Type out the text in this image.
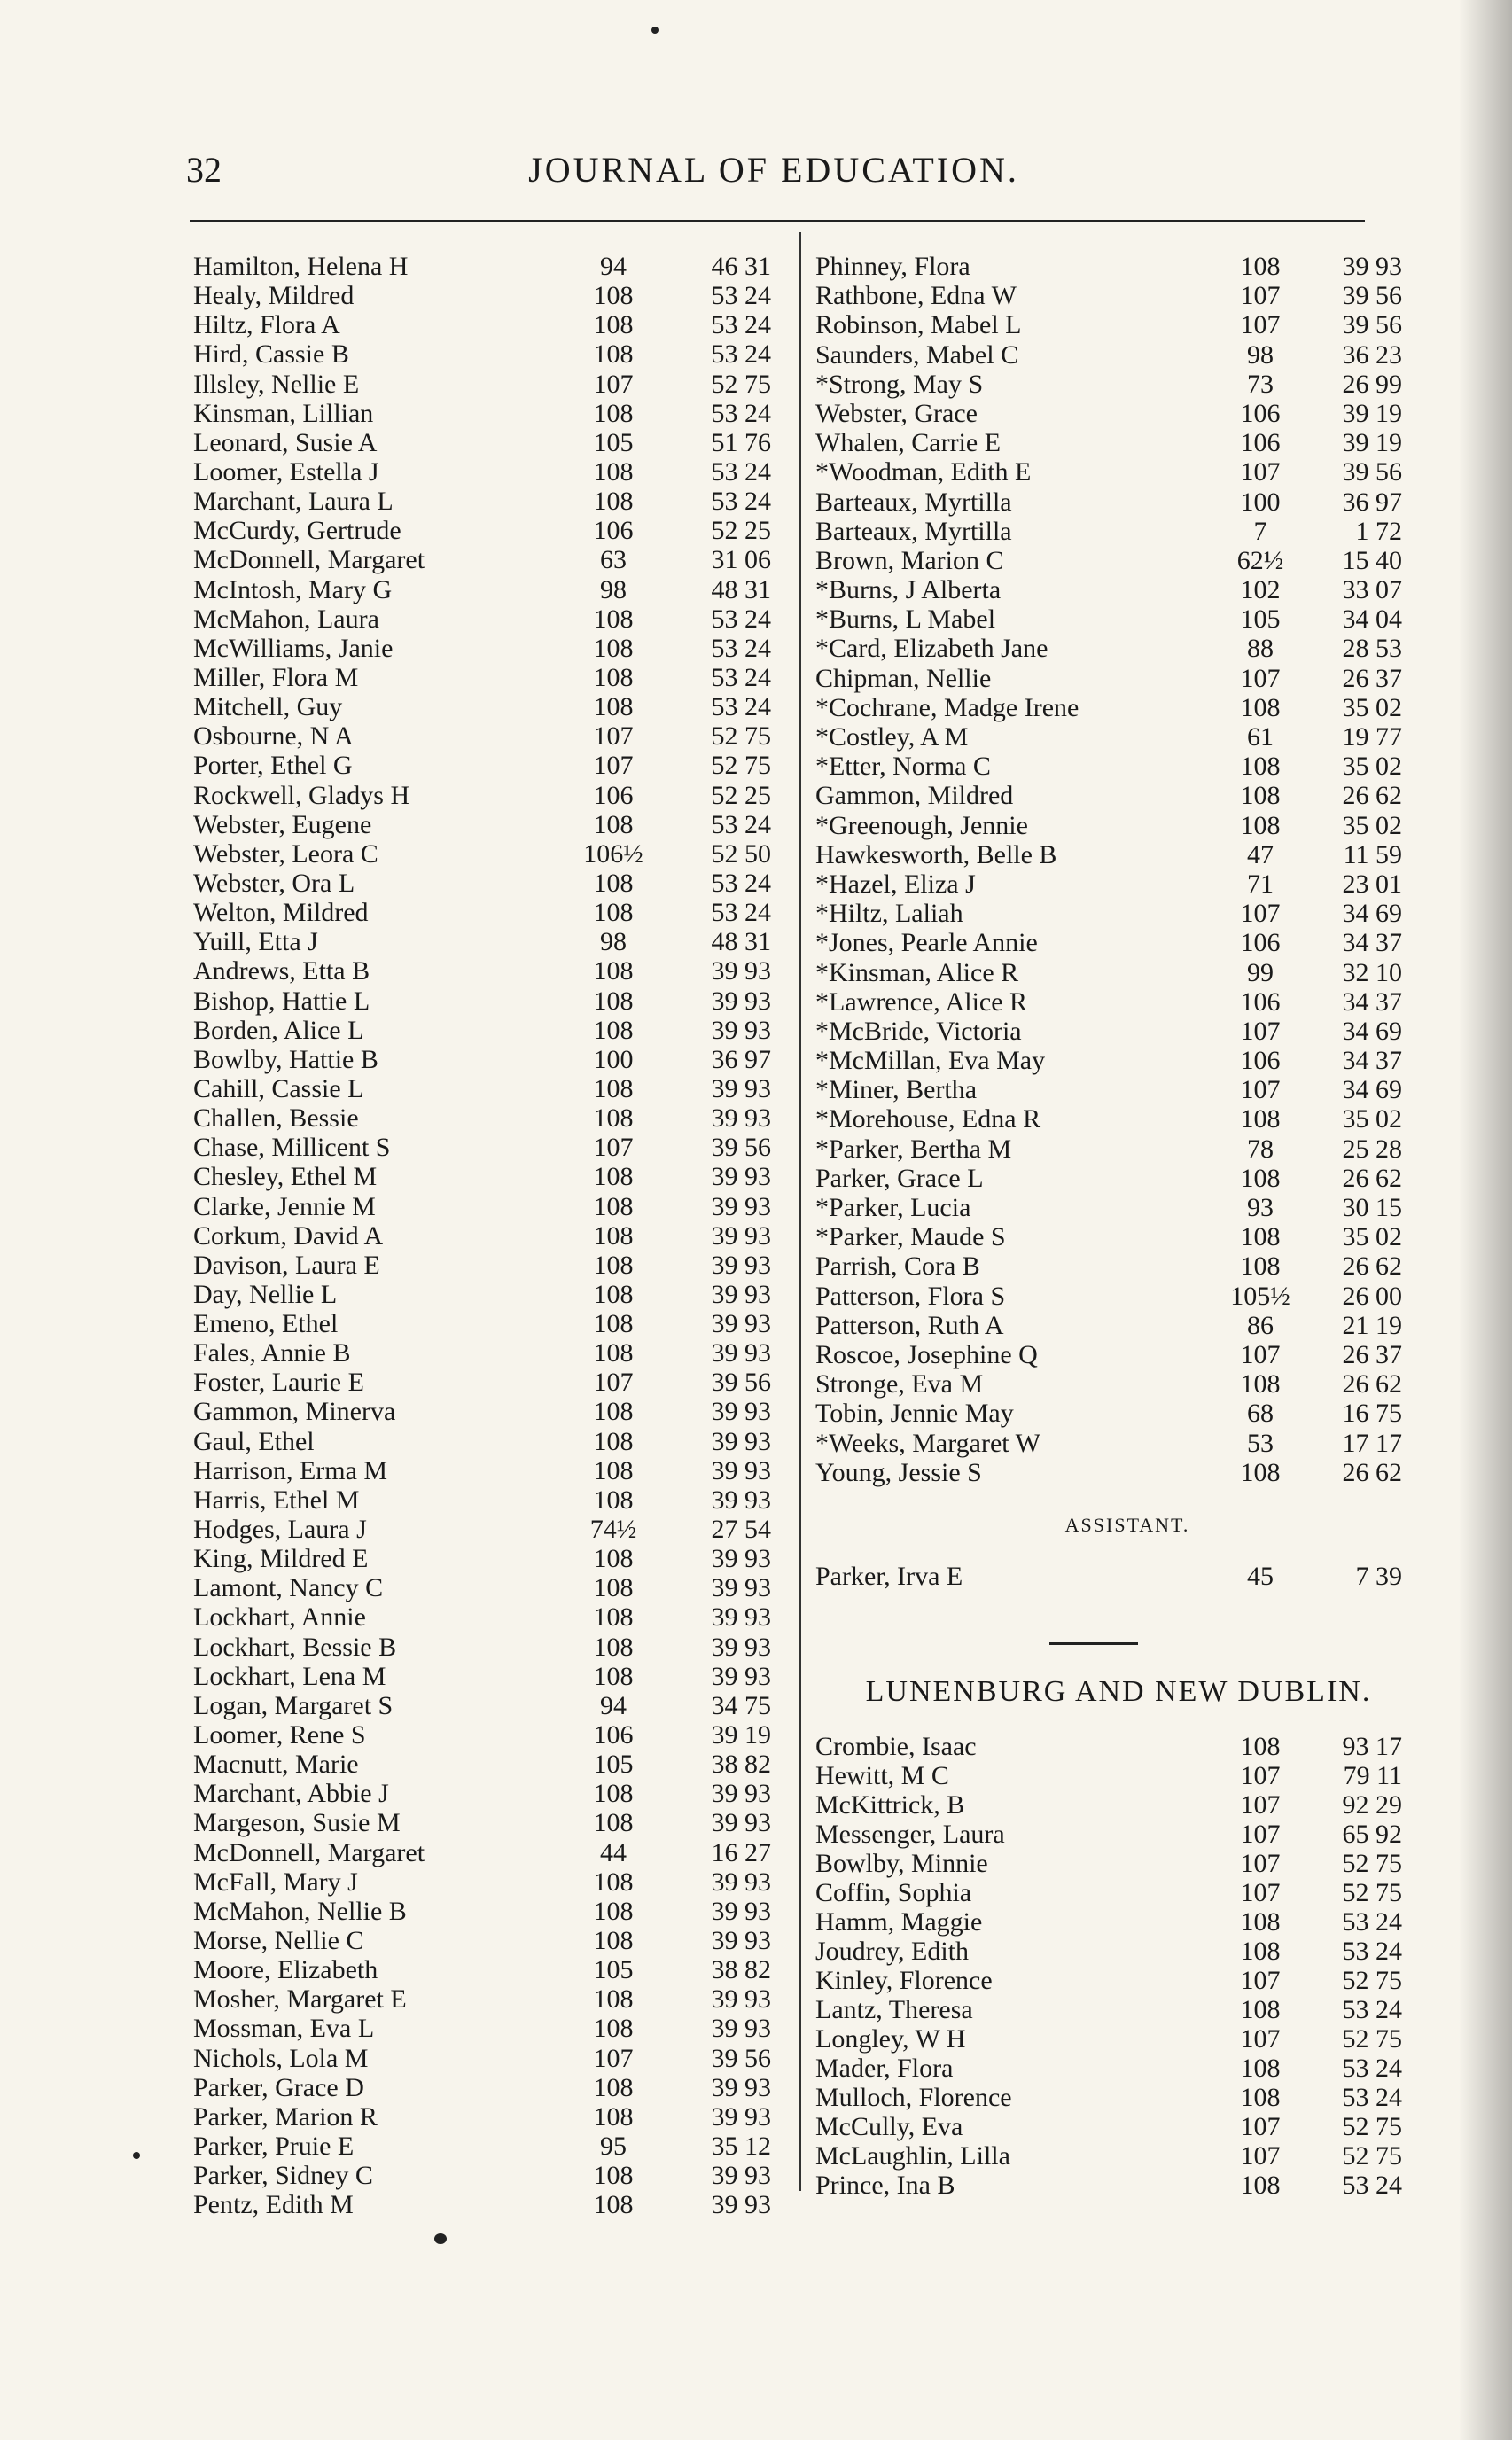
32	JOURNAL OF EDUCATION.
Hamilton, Helena H	94	46 31
Healy, Mildred	108	53 24
Hiltz, Flora A	108	53 24
Hird, Cassie B	108	53 24
Illsley, Nellie E	107	52 75
Kinsman, Lillian	108	53 24
Leonard, Susie A	105	51 76
Loomer, Estella J	108	53 24
Marchant, Laura L	108	53 24
McCurdy, Gertrude	106	52 25
McDonnell, Margaret	63	31 06
McIntosh, Mary G	98	48 31
McMahon, Laura	108	53 24
McWilliams, Janie	108	53 24
Miller, Flora M	108	53 24
Mitchell, Guy	108	53 24
Osbourne, N A	107	52 75
Porter, Ethel G	107	52 75
Rockwell, Gladys H	106	52 25
Webster, Eugene	108	53 24
Webster, Leora C	106½	52 50
Webster, Ora L	108	53 24
Welton, Mildred	108	53 24
Yuill, Etta J	98	48 31
Andrews, Etta B	108	39 93
Bishop, Hattie L	108	39 93
Borden, Alice L	108	39 93
Bowlby, Hattie B	100	36 97
Cahill, Cassie L	108	39 93
Challen, Bessie	108	39 93
Chase, Millicent S	107	39 56
Chesley, Ethel M	108	39 93
Clarke, Jennie M	108	39 93
Corkum, David A	108	39 93
Davison, Laura E	108	39 93
Day, Nellie L	108	39 93
Emeno, Ethel	108	39 93
Fales, Annie B	108	39 93
Foster, Laurie E	107	39 56
Gammon, Minerva	108	39 93
Gaul, Ethel	108	39 93
Harrison, Erma M	108	39 93
Harris, Ethel M	108	39 93
Hodges, Laura J	74½	27 54
King, Mildred E	108	39 93
Lamont, Nancy C	108	39 93
Lockhart, Annie	108	39 93
Lockhart, Bessie B	108	39 93
Lockhart, Lena M	108	39 93
Logan, Margaret S	94	34 75
Loomer, Rene S	106	39 19
Macnutt, Marie	105	38 82
Marchant, Abbie J	108	39 93
Margeson, Susie M	108	39 93
McDonnell, Margaret	44	16 27
McFall, Mary J	108	39 93
McMahon, Nellie B	108	39 93
Morse, Nellie C	108	39 93
Moore, Elizabeth	105	38 82
Mosher, Margaret E	108	39 93
Mossman, Eva L	108	39 93
Nichols, Lola M	107	39 56
Parker, Grace D	108	39 93
Parker, Marion R	108	39 93
Parker, Pruie E	95	35 12
Parker, Sidney C	108	39 93
Pentz, Edith M	108	39 93
Phinney, Flora	108	39 93
Rathbone, Edna W	107	39 56
Robinson, Mabel L	107	39 56
Saunders, Mabel C	98	36 23
*Strong, May S	73	26 99
Webster, Grace	106	39 19
Whalen, Carrie E	106	39 19
*Woodman, Edith E	107	39 56
Barteaux, Myrtilla	100	36 97
Barteaux, Myrtilla	7	1 72
Brown, Marion C	62½	15 40
*Burns, J Alberta	102	33 07
*Burns, L Mabel	105	34 04
*Card, Elizabeth Jane	88	28 53
Chipman, Nellie	107	26 37
*Cochrane, Madge Irene	108	35 02
*Costley, A M	61	19 77
*Etter, Norma C	108	35 02
Gammon, Mildred	108	26 62
*Greenough, Jennie	108	35 02
Hawkesworth, Belle B	47	11 59
*Hazel, Eliza J	71	23 01
*Hiltz, Laliah	107	34 69
*Jones, Pearle Annie	106	34 37
*Kinsman, Alice R	99	32 10
*Lawrence, Alice R	106	34 37
*McBride, Victoria	107	34 69
*McMillan, Eva May	106	34 37
*Miner, Bertha	107	34 69
*Morehouse, Edna R	108	35 02
*Parker, Bertha M	78	25 28
Parker, Grace L	108	26 62
*Parker, Lucia	93	30 15
*Parker, Maude S	108	35 02
Parrish, Cora B	108	26 62
Patterson, Flora S	105½	26 00
Patterson, Ruth A	86	21 19
Roscoe, Josephine Q	107	26 37
Stronge, Eva M	108	26 62
Tobin, Jennie May	68	16 75
*Weeks, Margaret W	53	17 17
Young, Jessie S	108	26 62
ASSISTANT.
Parker, Irva E	45	7 39
LUNENBURG AND NEW DUBLIN.
Crombie, Isaac	108	93 17
Hewitt, M C	107	79 11
McKittrick, B	107	92 29
Messenger, Laura	107	65 92
Bowlby, Minnie	107	52 75
Coffin, Sophia	107	52 75
Hamm, Maggie	108	53 24
Joudrey, Edith	108	53 24
Kinley, Florence	107	52 75
Lantz, Theresa	108	53 24
Longley, W H	107	52 75
Mader, Flora	108	53 24
Mulloch, Florence	108	53 24
McCully, Eva	107	52 75
McLaughlin, Lilla	107	52 75
Prince, Ina B	108	53 24
